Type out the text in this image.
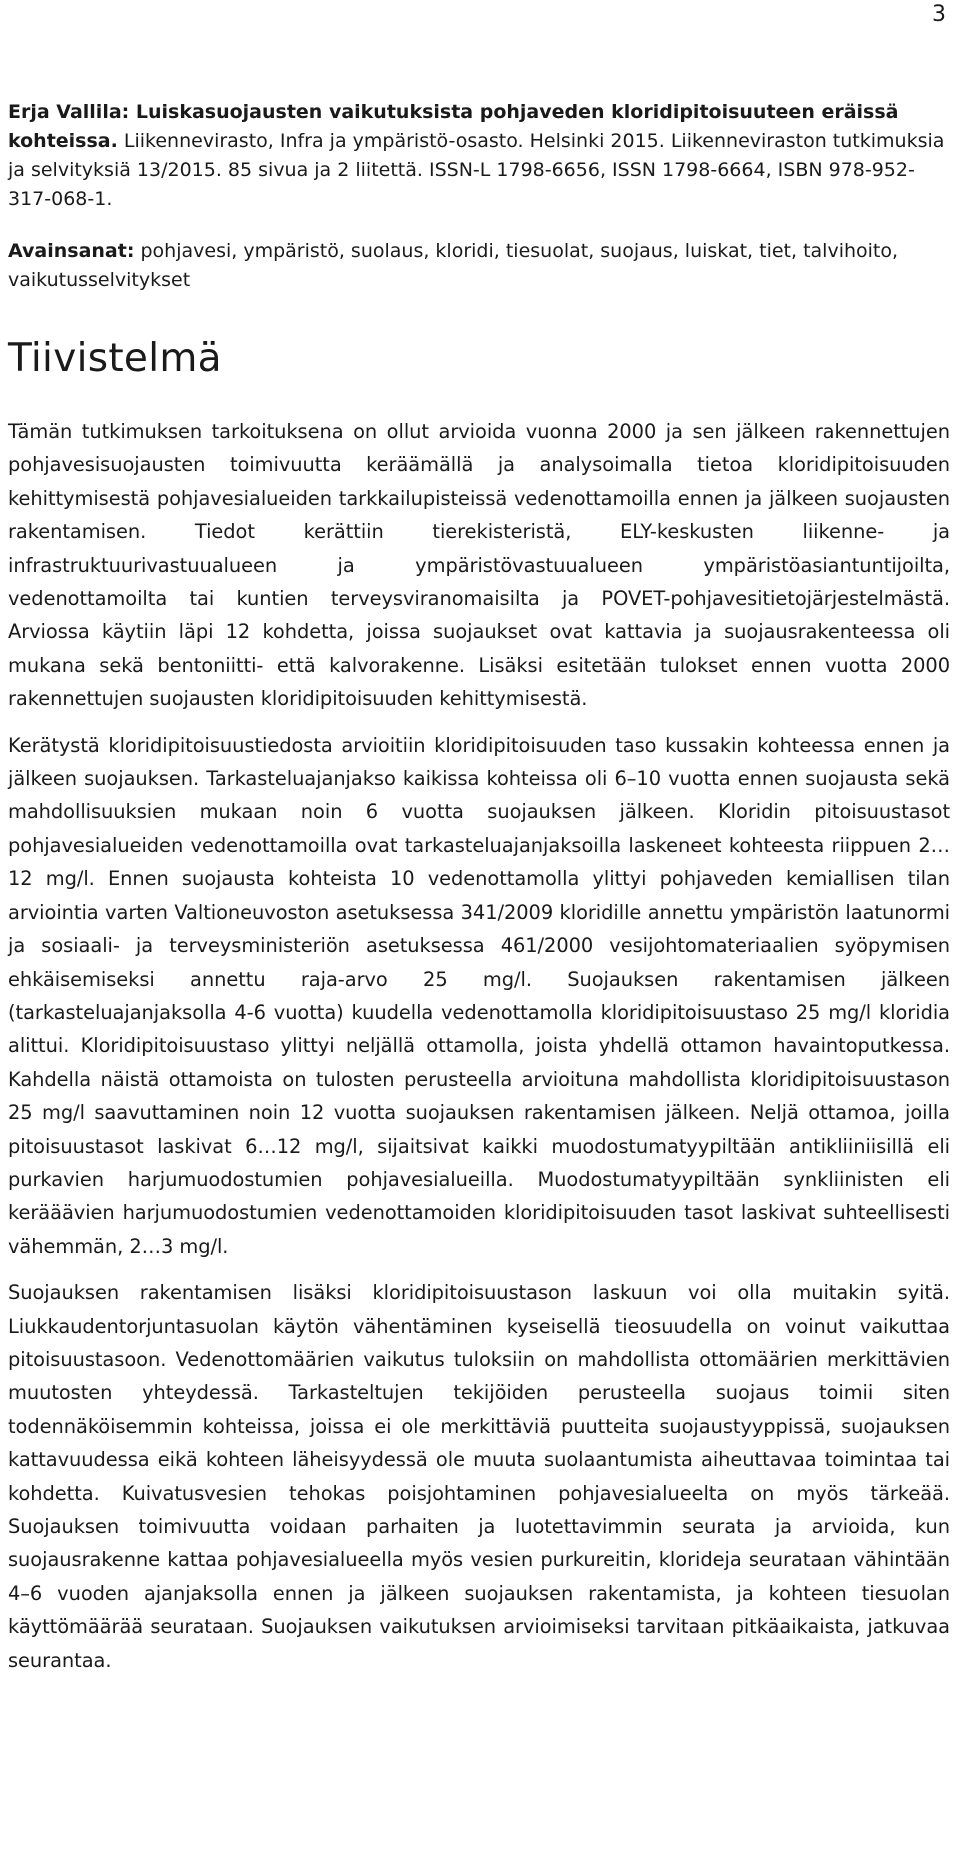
3

Erja Vallila: Luiskasuojausten vaikutuksista pohjaveden kloridipitoisuuteen eräissä kohteissa. Liikennevirasto, Infra ja ympäristö-osasto. Helsinki 2015. Liikenneviraston tutkimuksia ja selvityksiä 13/2015. 85 sivua ja 2 liitettä. ISSN-L 1798-6656, ISSN 1798-6664, ISBN 978-952-317-068-1.

Avainsanat: pohjavesi, ympäristö, suolaus, kloridi, tiesuolat, suojaus, luiskat, tiet, talvihoito, vaikutusselvitykset

Tiivistelmä

Tämän tutkimuksen tarkoituksena on ollut arvioida vuonna 2000 ja sen jälkeen rakennettujen pohjavesisuojausten toimivuutta keräämällä ja analysoimalla tietoa kloridipitoisuuden kehittymisestä pohjavesialueiden tarkkailupisteissä vedenottamoilla ennen ja jälkeen suojausten rakentamisen. Tiedot kerättiin tierekisteristä, ELY-keskusten liikenne- ja infrastruktuurivastuualueen ja ympäristövastuualueen ympäristöasiantuntijoilta, vedenottamoilta tai kuntien terveysviranomaisilta ja POVET-pohjavesitietojärjestelmästä. Arviossa käytiin läpi 12 kohdetta, joissa suojaukset ovat kattavia ja suojausrakenteessa oli mukana sekä bentoniitti- että kalvorakenne. Lisäksi esitetään tulokset ennen vuotta 2000 rakennettujen suojausten kloridipitoisuuden kehittymisestä.

Kerätystä kloridipitoisuustiedosta arvioitiin kloridipitoisuuden taso kussakin kohteessa ennen ja jälkeen suojauksen. Tarkasteluajanjakso kaikissa kohteissa oli 6–10 vuotta ennen suojausta sekä mahdollisuuksien mukaan noin 6 vuotta suojauksen jälkeen. Kloridin pitoisuustasot pohjavesialueiden vedenottamoilla ovat tarkasteluajanjaksoilla laskeneet kohteesta riippuen 2…12 mg/l. Ennen suojausta kohteista 10 vedenottamolla ylittyi pohjaveden kemiallisen tilan arviointia varten Valtioneuvoston asetuksessa 341/2009 kloridille annettu ympäristön laatunormi ja sosiaali- ja terveysministeriön asetuksessa 461/2000 vesijohtomateriaalien syöpymisen ehkäisemiseksi annettu raja-arvo 25 mg/l. Suojauksen rakentamisen jälkeen (tarkasteluajanjaksolla 4-6 vuotta) kuudella vedenottamolla kloridipitoisuustaso 25 mg/l kloridia alittui. Kloridipitoisuustaso ylittyi neljällä ottamolla, joista yhdellä ottamon havaintoputkessa. Kahdella näistä ottamoista on tulosten perusteella arvioituna mahdollista kloridipitoisuustason 25 mg/l saavuttaminen noin 12 vuotta suojauksen rakentamisen jälkeen. Neljä ottamoa, joilla pitoisuustasot laskivat 6…12 mg/l, sijaitsivat kaikki muodostumatyypiltään antikliiniisillä eli purkavien harjumuodostumien pohjavesialueilla. Muodostumatyypiltään synkliinisten eli kerääävien harjumuodostumien vedenottamoiden kloridipitoisuuden tasot laskivat suhteellisesti vähemmän, 2…3 mg/l.

Suojauksen rakentamisen lisäksi kloridipitoisuustason laskuun voi olla muitakin syitä. Liukkaudentorjuntasuolan käytön vähentäminen kyseisellä tieosuudella on voinut vaikuttaa pitoisuustasoon. Vedenottomäärien vaikutus tuloksiin on mahdollista ottomäärien merkittävien muutosten yhteydessä. Tarkasteltujen tekijöiden perusteella suojaus toimii siten todennäköisemmin kohteissa, joissa ei ole merkittäviä puutteita suojaustyyppissä, suojauksen kattavuudessa eikä kohteen läheisyydessä ole muuta suolaantumista aiheuttavaa toimintaa tai kohdetta. Kuivatusvesien tehokas poisjohtaminen pohjavesialueelta on myös tärkeää. Suojauksen toimivuutta voidaan parhaiten ja luotettavimmin seurata ja arvioida, kun suojausrakenne kattaa pohjavesialueella myös vesien purkureitin, klorideja seurataan vähintään 4–6 vuoden ajanjaksolla ennen ja jälkeen suojauksen rakentamista, ja kohteen tiesuolan käyttömäärää seurataan. Suojauksen vaikutuksen arvioimiseksi tarvitaan pitkäaikaista, jatkuvaa seurantaa.
